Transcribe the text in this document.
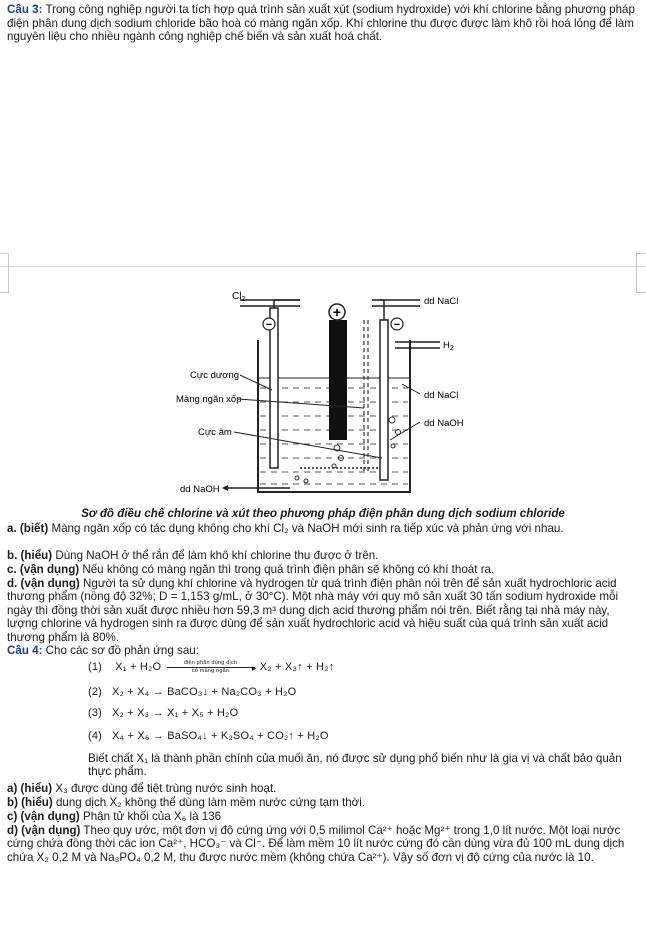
Câu 3: Trong công nghiệp người ta tích hợp quá trình sản xuất xút (sodium hydroxide) với khí chlorine bằng phương pháp điện phân dung dịch sodium chloride bão hoà có màng ngăn xốp. Khí chlorine thu được được làm khô rồi hoá lỏng để làm nguyên liệu cho nhiều ngành công nghiệp chế biến và sản xuất hoá chất.

+
−	−
$Cl_2$	dd NaCl
$H_2$
dd NaCl
dd NaOH
Cực dương
Màng ngăn xốp
Cực âm
dd NaOH
Sơ đồ điều chế chlorine và xút theo phương pháp điện phân dung dịch sodium chloride

a. (biết) Màng ngăn xốp có tác dụng không cho khí Cl₂ và NaOH mới sinh ra tiếp xúc và phản ứng với nhau.

b. (hiểu) Dùng NaOH ở thể rắn để làm khô khí chlorine thu được ở trên.

c. (vận dụng) Nếu không có màng ngăn thì trong quá trình điện phân sẽ không có khí thoát ra.

d. (vận dụng) Người ta sử dụng khí chlorine và hydrogen từ quá trình điện phân nói trên để sản xuất hydrochloric acid thương phẩm (nồng độ 32%; D = 1,153 g/mL, ở 30°C). Một nhà máy với quy mô sản xuất 30 tấn sodium hydroxide mỗi ngày thì đồng thời sản xuất được nhiều hơn 59,3 m³ dung dịch acid thương phẩm nói trên. Biết rằng tại nhà máy này, lượng chlorine và hydrogen sinh ra được dùng để sản xuất hydrochloric acid và hiệu suất của quá trình sản xuất acid thương phẩm là 80%.

Câu 4: Cho các sơ đồ phản ứng sau:

(1) X₁ + H₂O	điện phân dung dịch	▸
có màng ngăn	X₂ + X₃↑ + H₂↑
(2) X₂ + X₄ → BaCO₃↓ + Na₂CO₃ + H₂O
(3) X₂ + X₃ → X₁ + X₅ + H₂O
(4) X₄ + X₆ → BaSO₄↓ + K₂SO₄ + CO₂↑ + H₂O

Biết chất X₁ là thành phần chính của muối ăn, nó được sử dụng phổ biến như là gia vị và chất bảo quản thực phẩm.

a) (hiểu) X₃ được dùng để tiệt trùng nước sinh hoạt.

b) (hiểu) dung dịch X₂ không thể dùng làm mềm nước cứng tạm thời.

c) (vận dụng) Phân tử khối của X₆ là 136

d) (vận dụng) Theo quy ước, một đơn vị độ cứng ứng với 0,5 milimol Ca²⁺ hoặc Mg²⁺ trong 1,0 lít nước. Một loại nước cứng chứa đồng thời các ion Ca²⁺, HCO₃⁻ và Cl⁻. Để làm mềm 10 lít nước cứng đó cần dùng vừa đủ 100 mL dung dịch chứa X₂ 0,2 M và Na₃PO₄ 0,2 M, thu được nước mềm (không chứa Ca²⁺). Vậy số đơn vị độ cứng của nước là 10.
